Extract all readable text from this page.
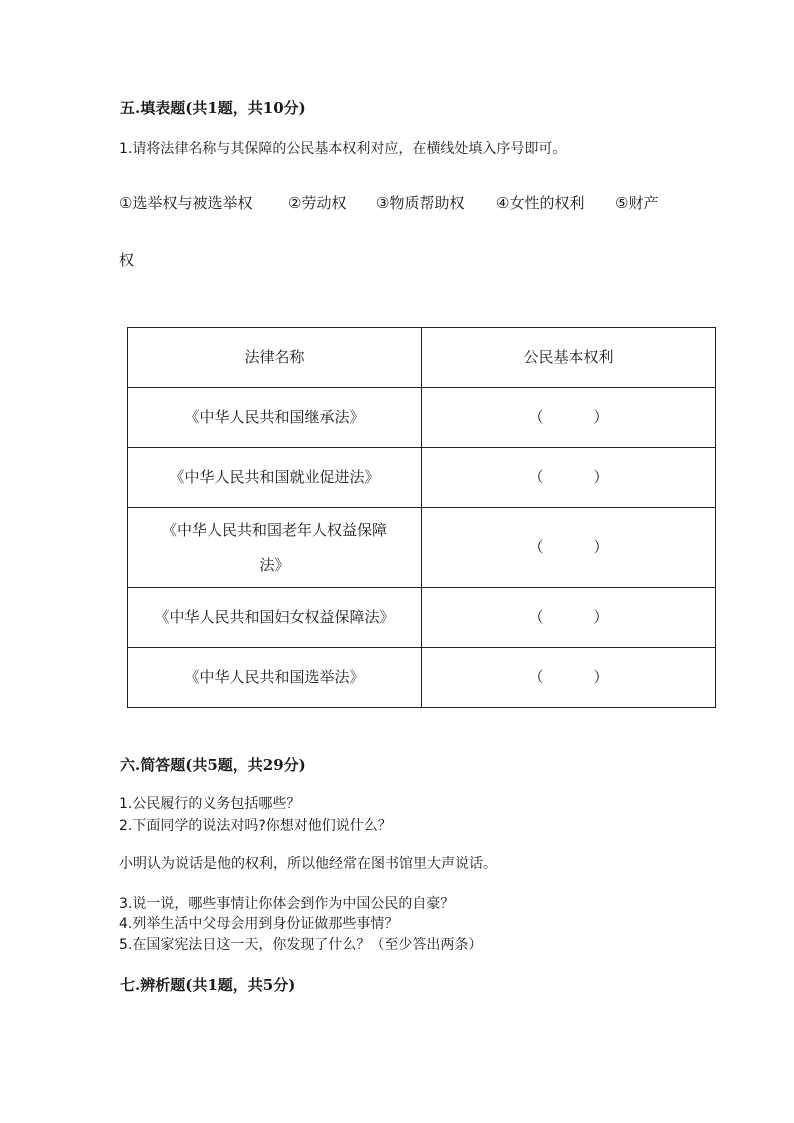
五.填表题(共1题，共10分)
1.请将法律名称与其保障的公民基本权利对应，在横线处填入序号即可。
①选举权与被选举权 ②劳动权 ③物质帮助权 ④女性的权利 ⑤财产
权
法律名称	公民基本权利
《中华人民共和国继承法》	（ ）
《中华人民共和国就业促进法》	（ ）

《中华人民共和国老年人权益保障
法》	（ ）
《中华人民共和国妇女权益保障法》	（ ）
《中华人民共和国选举法》	（ ）
六.简答题(共5题，共29分)
1.公民履行的义务包括哪些？
2.下面同学的说法对吗?你想对他们说什么？
小明认为说话是他的权利，所以他经常在图书馆里大声说话。
3.说一说，哪些事情让你体会到作为中国公民的自豪？
4.列举生活中父母会用到身份证做那些事情？
5.在国家宪法日这一天，你发现了什么？（至少答出两条）
七.辨析题(共1题，共5分)
